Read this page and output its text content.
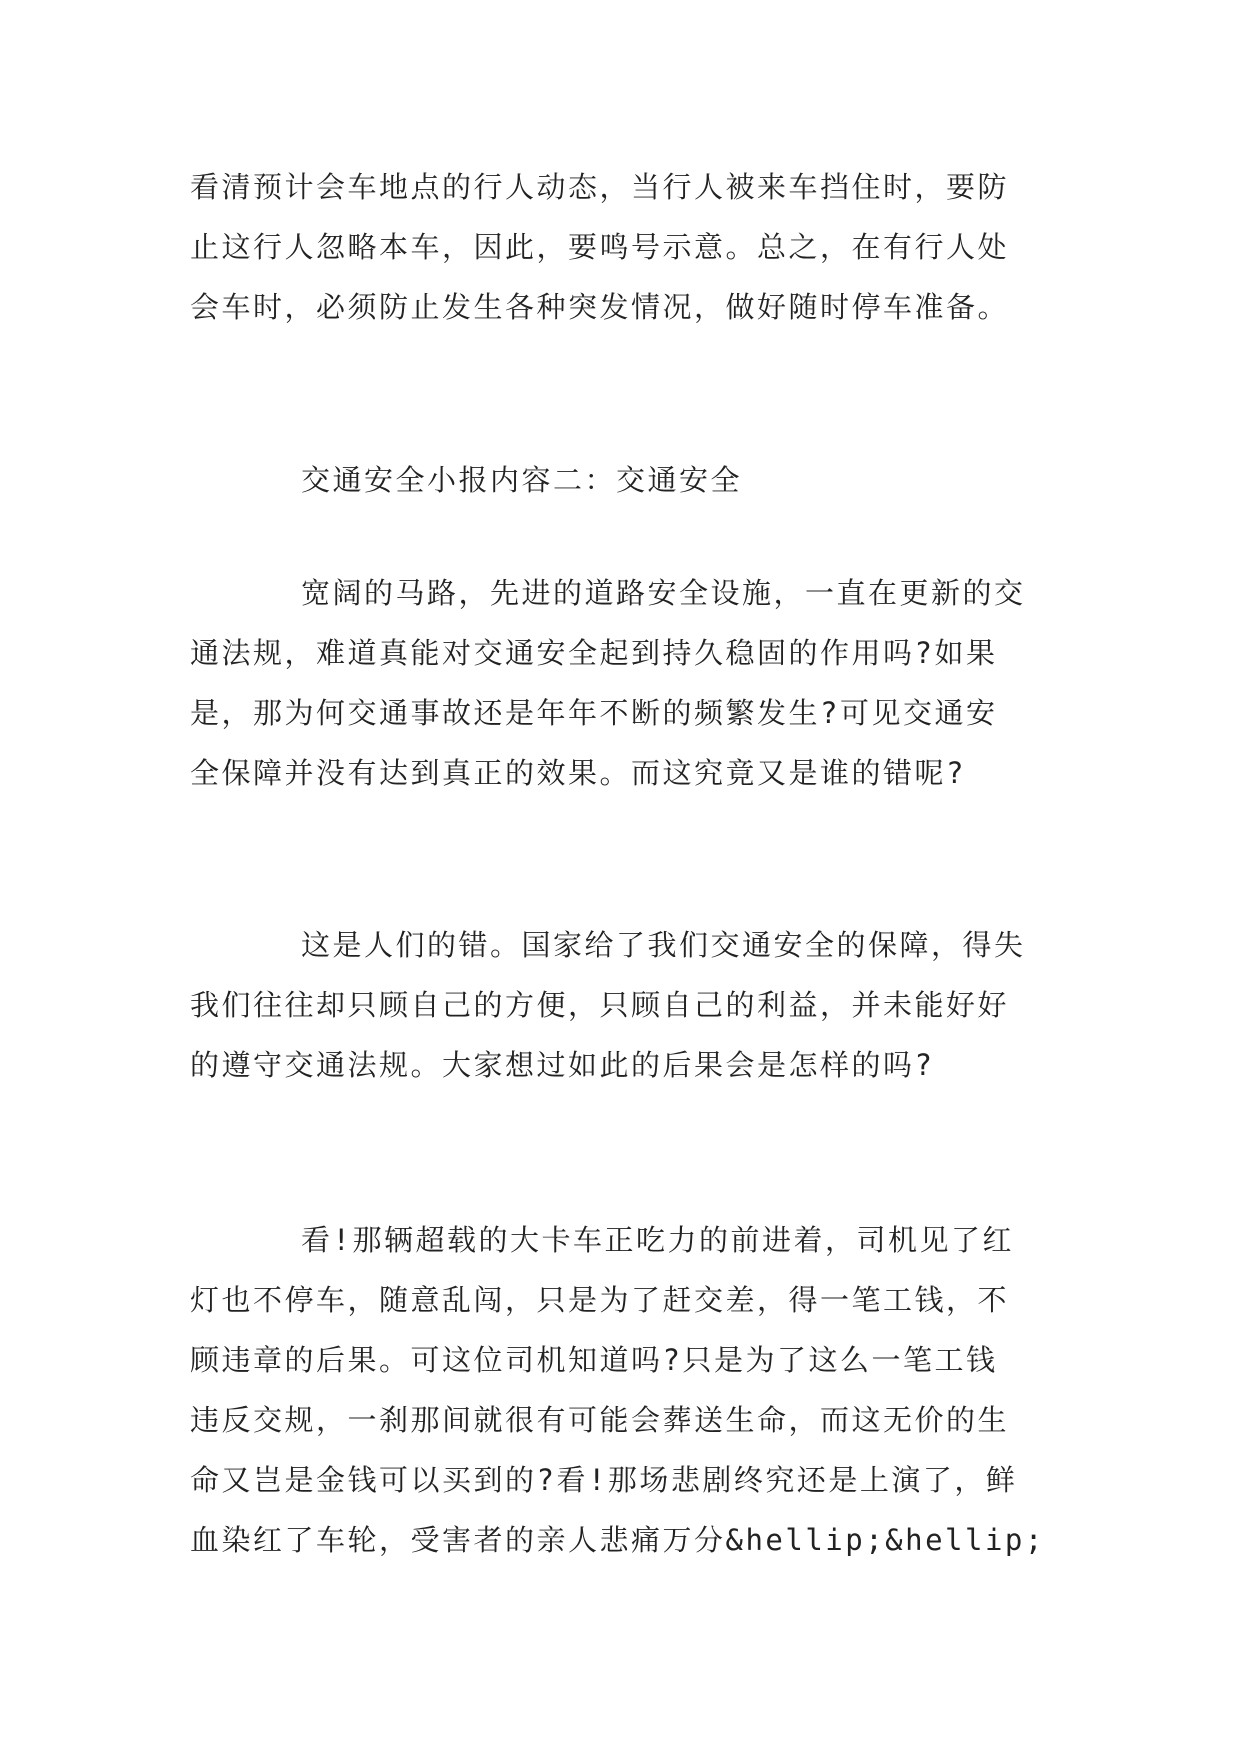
看清预计会车地点的行人动态，当行人被来车挡住时，要防
止这行人忽略本车，因此，要鸣号示意。总之，在有行人处
会车时，必须防止发生各种突发情况，做好随时停车准备。
交通安全小报内容二：交通安全
宽阔的马路，先进的道路安全设施，一直在更新的交
通法规，难道真能对交通安全起到持久稳固的作用吗?如果
是，那为何交通事故还是年年不断的频繁发生?可见交通安
全保障并没有达到真正的效果。而这究竟又是谁的错呢?
这是人们的错。国家给了我们交通安全的保障，得失
我们往往却只顾自己的方便，只顾自己的利益，并未能好好
的遵守交通法规。大家想过如此的后果会是怎样的吗?
看!那辆超载的大卡车正吃力的前进着，司机见了红
灯也不停车，随意乱闯，只是为了赶交差，得一笔工钱，不
顾违章的后果。可这位司机知道吗?只是为了这么一笔工钱
违反交规，一刹那间就很有可能会葬送生命，而这无价的生
命又岂是金钱可以买到的?看!那场悲剧终究还是上演了，鲜
血染红了车轮，受害者的亲人悲痛万分&hellip;&hellip;
